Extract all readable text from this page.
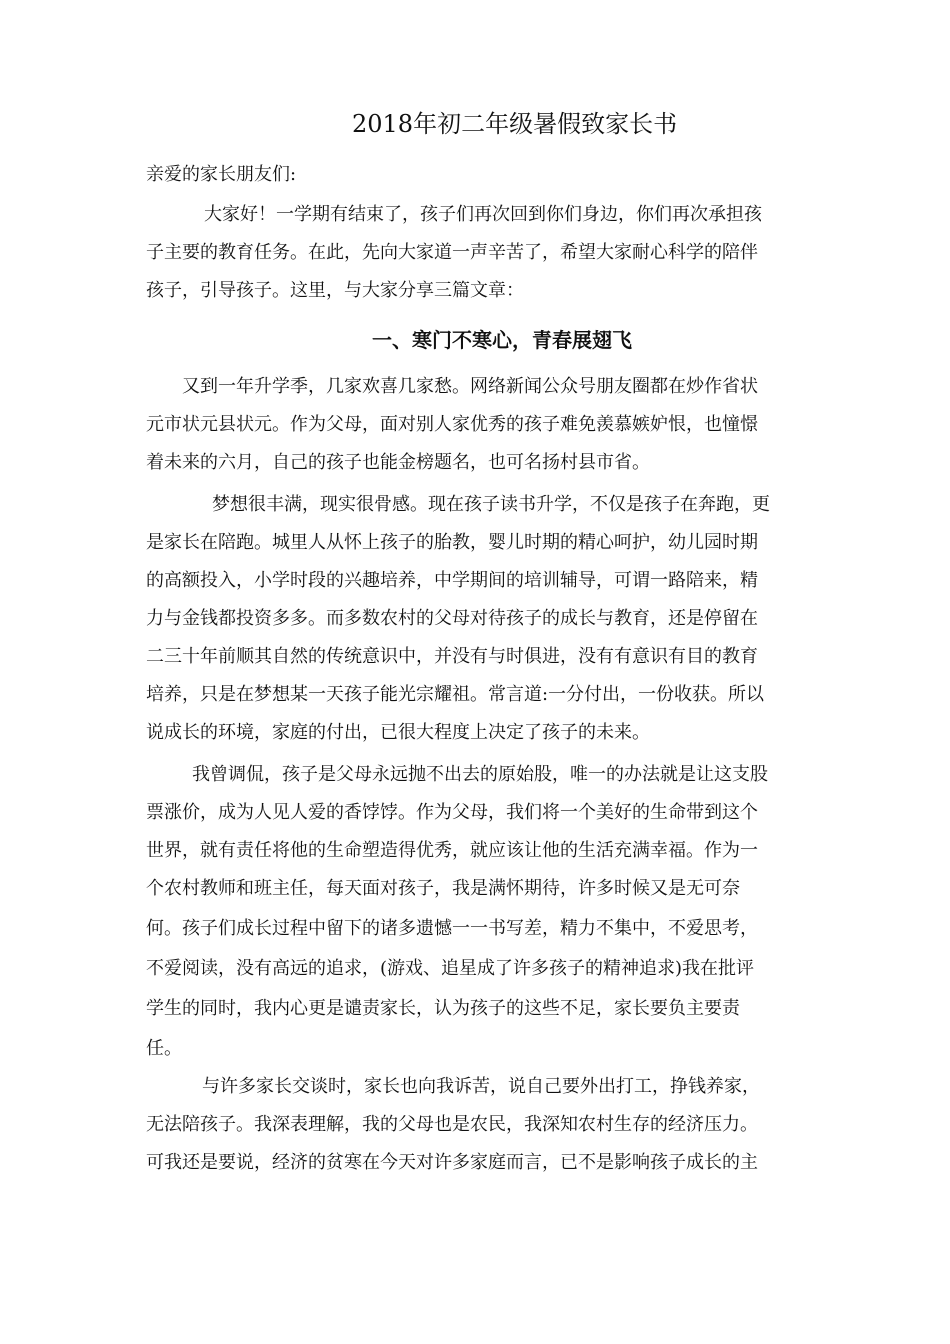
2018年初二年级暑假致家长书

亲爱的家长朋友们:

大家好！一学期有结束了，孩子们再次回到你们身边，你们再次承担孩

子主要的教育任务。在此，先向大家道一声辛苦了，希望大家耐心科学的陪伴

孩子，引导孩子。这里，与大家分享三篇文章：

一、寒门不寒心，青春展翅飞

又到一年升学季，几家欢喜几家愁。网络新闻公众号朋友圈都在炒作省状

元市状元县状元。作为父母，面对别人家优秀的孩子难免羡慕嫉妒恨，也憧憬

着未来的六月，自己的孩子也能金榜题名，也可名扬村县市省。

梦想很丰满，现实很骨感。现在孩子读书升学，不仅是孩子在奔跑，更

是家长在陪跑。城里人从怀上孩子的胎教，婴儿时期的精心呵护，幼儿园时期

的高额投入，小学时段的兴趣培养，中学期间的培训辅导，可谓一路陪来，精

力与金钱都投资多多。而多数农村的父母对待孩子的成长与教育，还是停留在

二三十年前顺其自然的传统意识中，并没有与时俱进，没有有意识有目的教育

培养，只是在梦想某一天孩子能光宗耀祖。常言道:一分付出，一份收获。所以

说成长的环境，家庭的付出，已很大程度上决定了孩子的未来。

我曾调侃，孩子是父母永远抛不出去的原始股，唯一的办法就是让这支股

票涨价，成为人见人爱的香饽饽。作为父母，我们将一个美好的生命带到这个

世界，就有责任将他的生命塑造得优秀，就应该让他的生活充满幸福。作为一

个农村教师和班主任，每天面对孩子，我是满怀期待，许多时候又是无可奈

何。孩子们成长过程中留下的诸多遗憾一一书写差，精力不集中，不爱思考，

不爱阅读，没有高远的追求，(游戏、追星成了许多孩子的精神追求)我在批评

学生的同时，我内心更是谴责家长，认为孩子的这些不足，家长要负主要责

任。

与许多家长交谈时，家长也向我诉苦，说自己要外出打工，挣钱养家，

无法陪孩子。我深表理解，我的父母也是农民，我深知农村生存的经济压力。

可我还是要说，经济的贫寒在今天对许多家庭而言，已不是影响孩子成长的主
